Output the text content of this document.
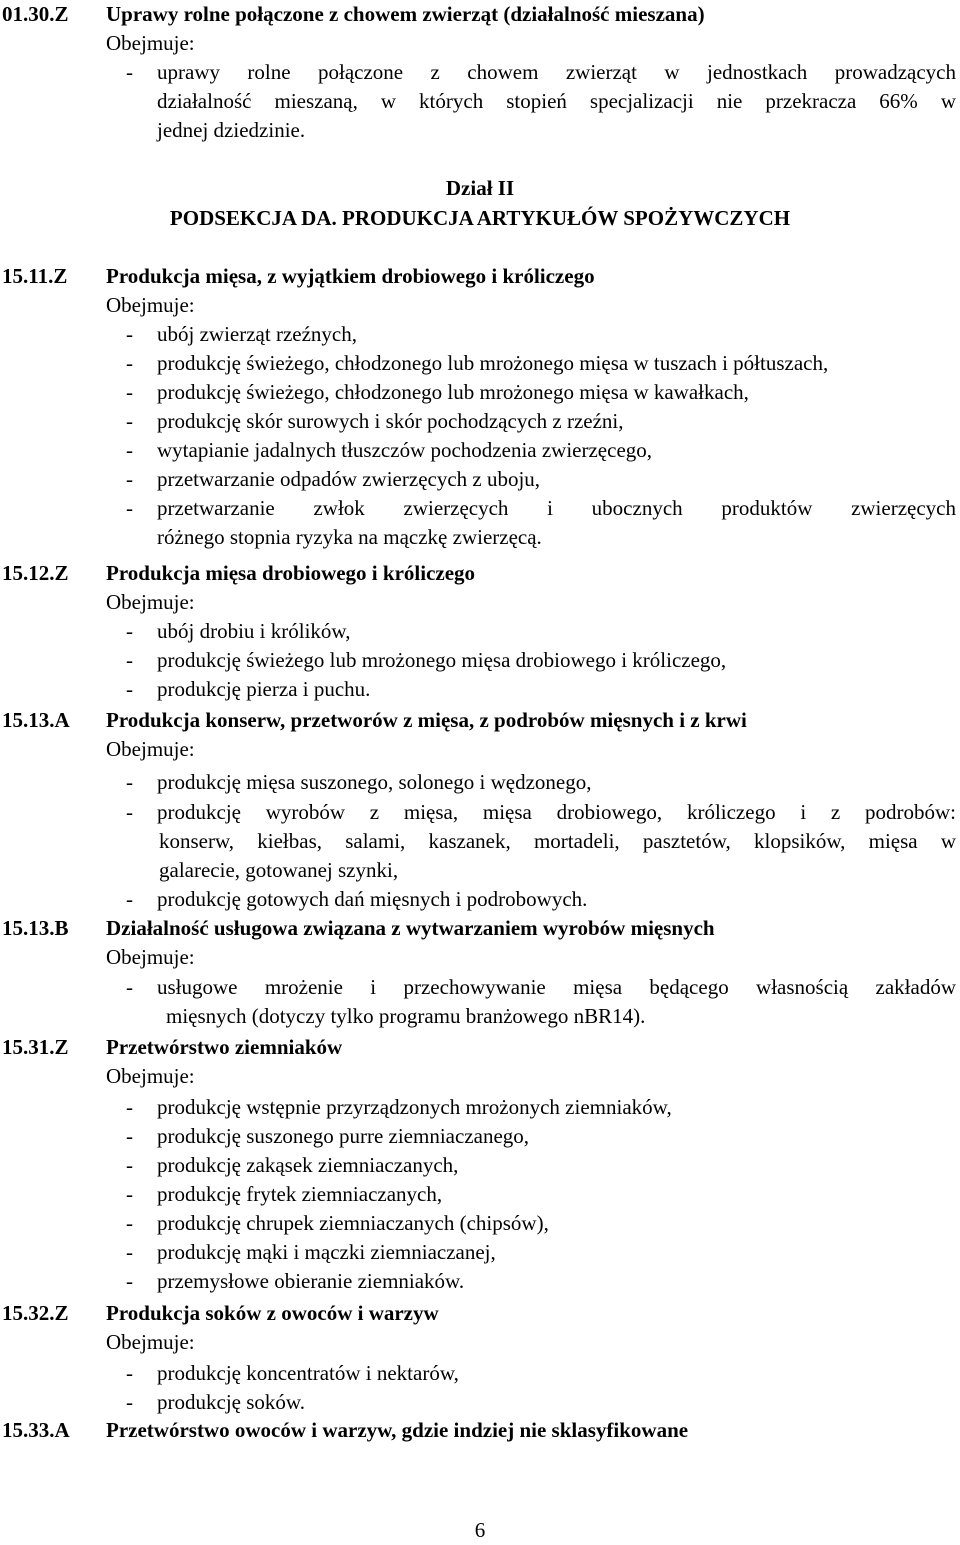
01.30.Z Uprawy rolne połączone z chowem zwierząt (działalność mieszana)
Obejmuje:
- uprawy rolne połączone z chowem zwierząt w jednostkach prowadzących
działalność mieszaną, w których stopień specjalizacji nie przekracza 66% w
jednej dziedzinie.
Dział II
PODSEKCJA DA. PRODUKCJA ARTYKUŁÓW SPOŻYWCZYCH
15.11.Z Produkcja mięsa, z wyjątkiem drobiowego i króliczego
Obejmuje:
- ubój zwierząt rzeźnych,
- produkcję świeżego, chłodzonego lub mrożonego mięsa w tuszach i półtuszach,
- produkcję świeżego, chłodzonego lub mrożonego mięsa w kawałkach,
- produkcję skór surowych i skór pochodzących z rzeźni,
- wytapianie jadalnych tłuszczów pochodzenia zwierzęcego,
- przetwarzanie odpadów zwierzęcych z uboju,
- przetwarzanie zwłok zwierzęcych i ubocznych produktów zwierzęcych
różnego stopnia ryzyka na mączkę zwierzęcą.
15.12.Z Produkcja mięsa drobiowego i króliczego
Obejmuje:
- ubój drobiu i królików,
- produkcję świeżego lub mrożonego mięsa drobiowego i króliczego,
- produkcję pierza i puchu.
15.13.A Produkcja konserw, przetworów z mięsa, z podrobów mięsnych i z krwi
Obejmuje:
- produkcję mięsa suszonego, solonego i wędzonego,
- produkcję wyrobów z mięsa, mięsa drobiowego, króliczego i z podrobów:
konserw, kiełbas, salami, kaszanek, mortadeli, pasztetów, klopsików, mięsa w
galarecie, gotowanej szynki,
- produkcję gotowych dań mięsnych i podrobowych.
15.13.B Działalność usługowa związana z wytwarzaniem wyrobów mięsnych
Obejmuje:
- usługowe mrożenie i przechowywanie mięsa będącego własnością zakładów
mięsnych (dotyczy tylko programu branżowego nBR14).
15.31.Z Przetwórstwo ziemniaków
Obejmuje:
- produkcję wstępnie przyrządzonych mrożonych ziemniaków,
- produkcję suszonego purre ziemniaczanego,
- produkcję zakąsek ziemniaczanych,
- produkcję frytek ziemniaczanych,
- produkcję chrupek ziemniaczanych (chipsów),
- produkcję mąki i mączki ziemniaczanej,
- przemysłowe obieranie ziemniaków.
15.32.Z Produkcja soków z owoców i warzyw
Obejmuje:
- produkcję koncentratów i nektarów,
- produkcję soków.
15.33.A Przetwórstwo owoców i warzyw, gdzie indziej nie sklasyfikowane
6
